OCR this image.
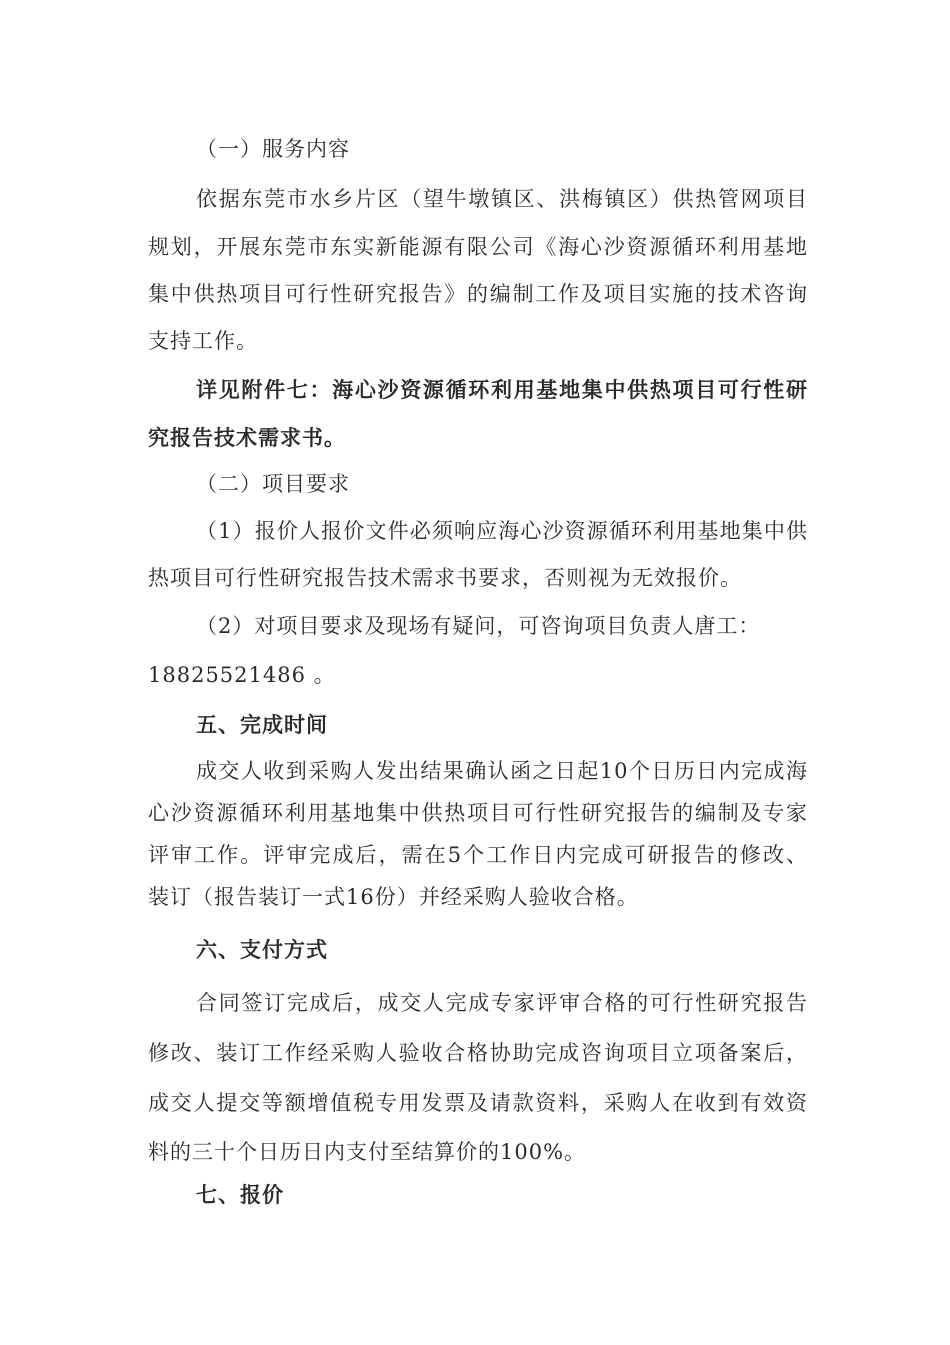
（一）服务内容
依据东莞市水乡片区（望牛墩镇区、洪梅镇区）供热管网项目
规划，开展东莞市东实新能源有限公司《海心沙资源循环利用基地
集中供热项目可行性研究报告》的编制工作及项目实施的技术咨询
支持工作。
详见附件七：海心沙资源循环利用基地集中供热项目可行性研
究报告技术需求书。
（二）项目要求
（1）报价人报价文件必须响应海心沙资源循环利用基地集中供
热项目可行性研究报告技术需求书要求，否则视为无效报价。
（2）对项目要求及现场有疑问，可咨询项目负责人唐工：
18825521486 。
五、完成时间
成交人收到采购人发出结果确认函之日起10个日历日内完成海
心沙资源循环利用基地集中供热项目可行性研究报告的编制及专家
评审工作。评审完成后，需在5个工作日内完成可研报告的修改、
装订（报告装订一式16份）并经采购人验收合格。
六、支付方式
合同签订完成后，成交人完成专家评审合格的可行性研究报告
修改、装订工作经采购人验收合格协助完成咨询项目立项备案后，
成交人提交等额增值税专用发票及请款资料，采购人在收到有效资
料的三十个日历日内支付至结算价的100%。
七、报价
